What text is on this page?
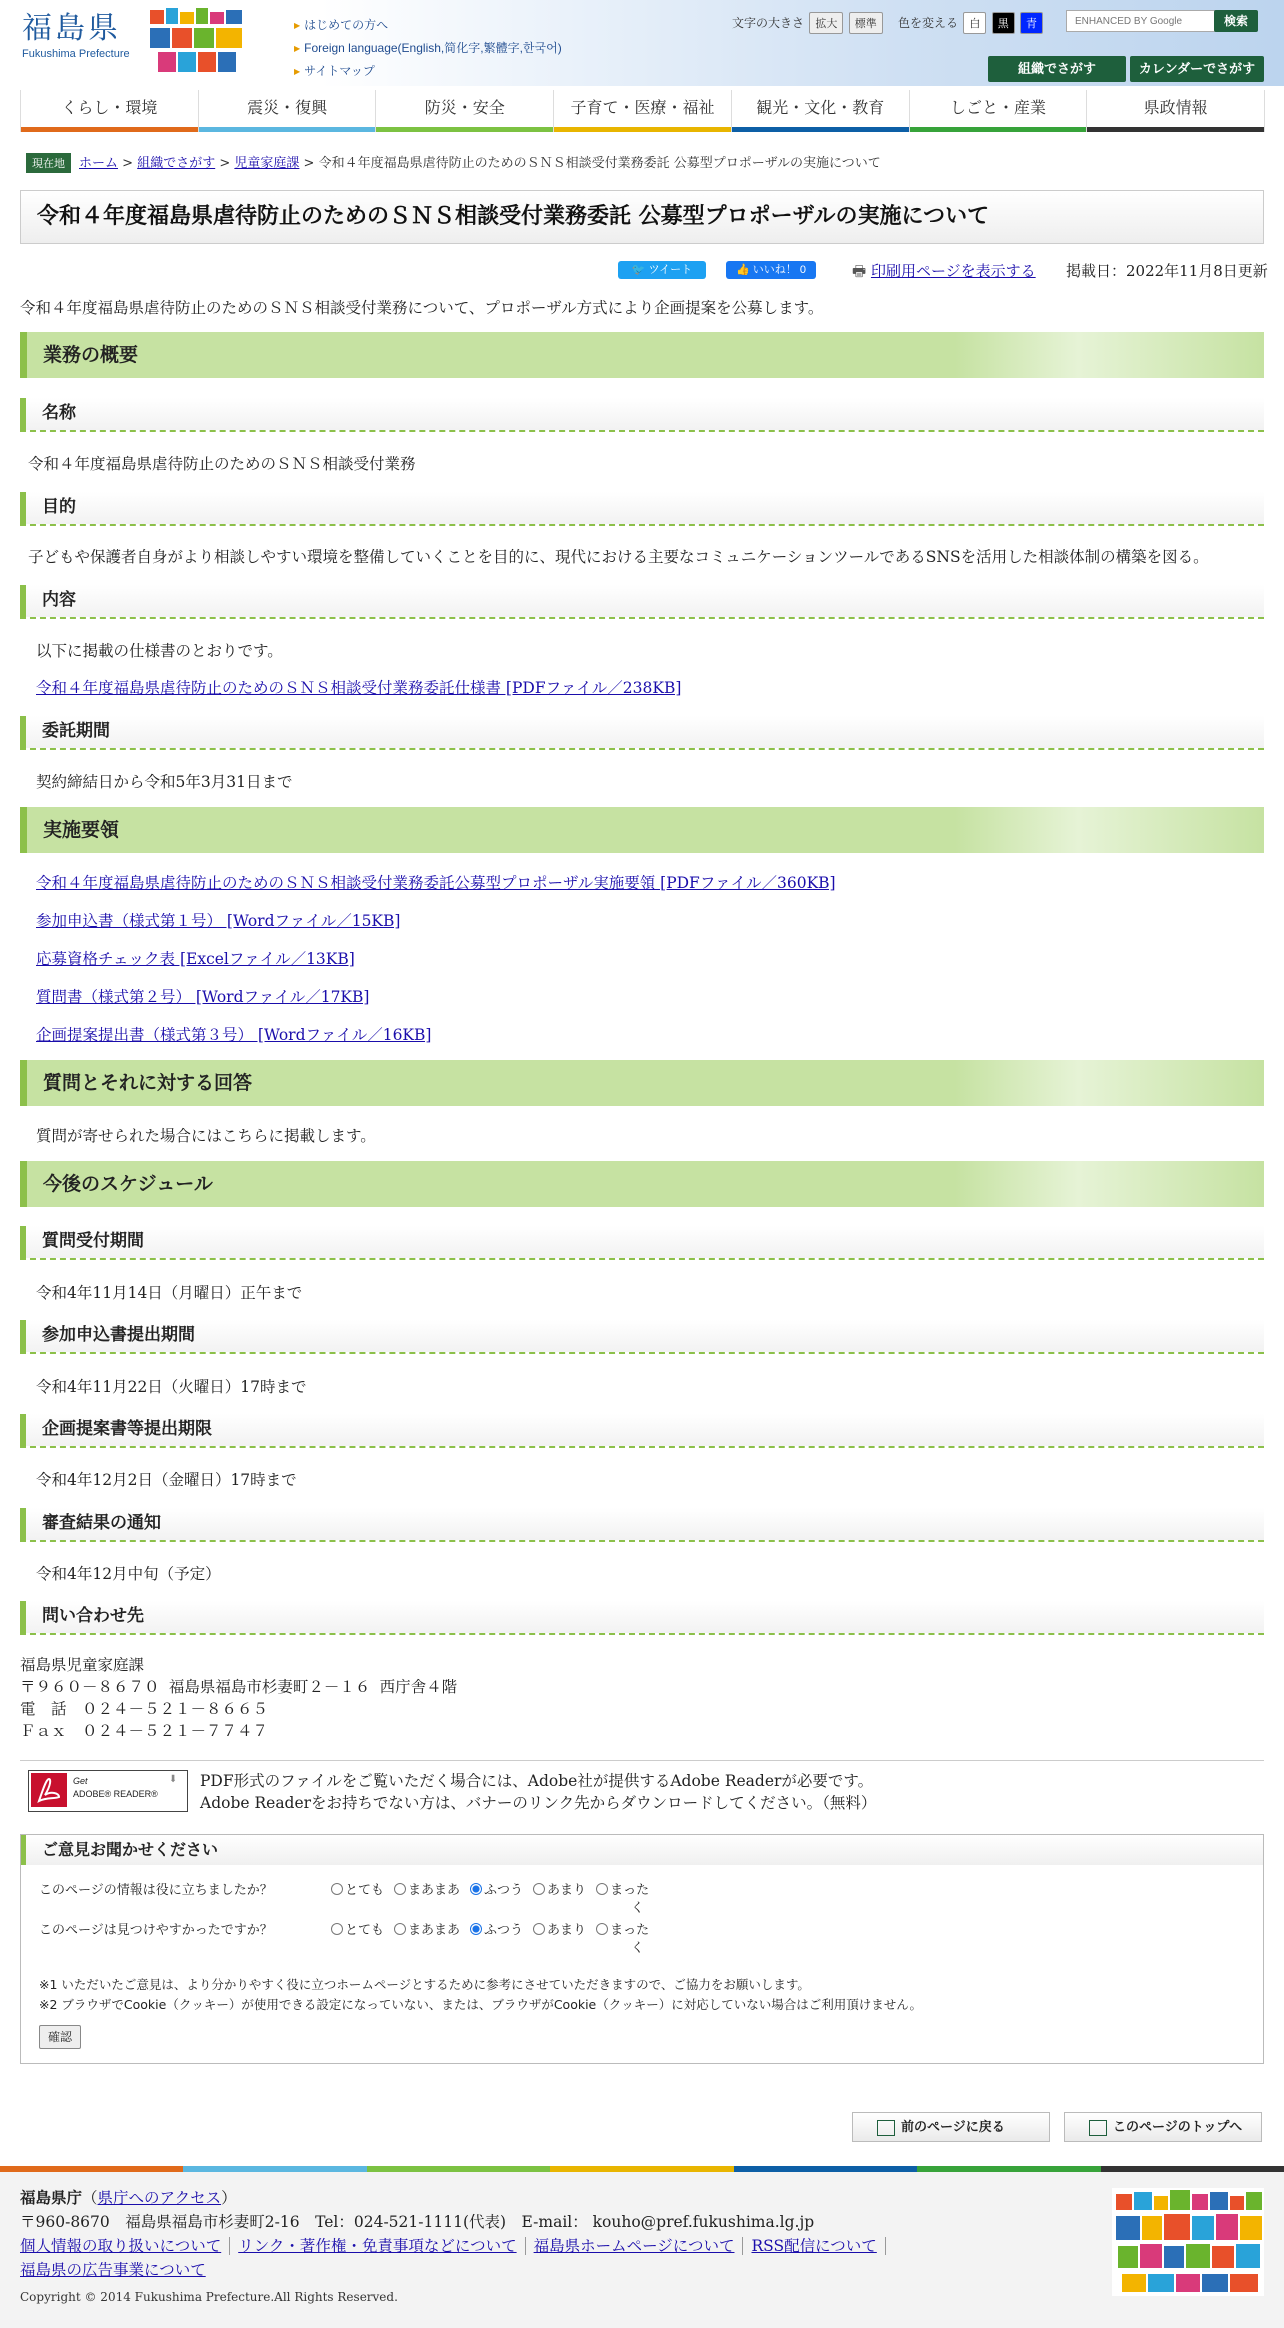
福島県
Fukushima Prefecture
▶ はじめての方へ
▶ Foreign language(English,简化字,繁體字,한국어)
▶ サイトマップ
文字の大きさ 拡大 標準	色を変える 白 黒 青	ENHANCED BY Google	検索
組織でさがす	カレンダーでさがす
くらし・環境	震災・復興	防災・安全	子育て・医療・福祉	観光・文化・教育	しごと・産業	県政情報
現在地 ホーム > 組織でさがす > 児童家庭課 > 令和４年度福島県虐待防止のためのＳＮＳ相談受付業務委託 公募型プロポーザルの実施について
令和４年度福島県虐待防止のためのＳＮＳ相談受付業務委託 公募型プロポーザルの実施について
🐦 ツイート	👍 いいね！ 0	🖶 印刷用ページを表示する 掲載日：2022年11月8日更新
令和４年度福島県虐待防止のためのＳＮＳ相談受付業務について、プロポーザル方式により企画提案を公募します。
業務の概要
名称
令和４年度福島県虐待防止のためのＳＮＳ相談受付業務
目的
子どもや保護者自身がより相談しやすい環境を整備していくことを目的に、現代における主要なコミュニケーションツールであるSNSを活用した相談体制の構築を図る。
内容
以下に掲載の仕様書のとおりです。
令和４年度福島県虐待防止のためのＳＮＳ相談受付業務委託仕様書 [PDFファイル／238KB]
委託期間
契約締結日から令和5年3月31日まで
実施要領
令和４年度福島県虐待防止のためのＳＮＳ相談受付業務委託公募型プロポーザル実施要領 [PDFファイル／360KB]
参加申込書（様式第１号） [Wordファイル／15KB]
応募資格チェック表 [Excelファイル／13KB]
質問書（様式第２号） [Wordファイル／17KB]
企画提案提出書（様式第３号） [Wordファイル／16KB]
質問とそれに対する回答
質問が寄せられた場合にはこちらに掲載します。
今後のスケジュール
質問受付期間
令和4年11月14日（月曜日）正午まで
参加申込書提出期間
令和4年11月22日（火曜日）17時まで
企画提案書等提出期限
令和4年12月2日（金曜日）17時まで
審査結果の通知
令和4年12月中旬（予定）
問い合わせ先
福島県児童家庭課
〒９６０－８６７０ 福島県福島市杉妻町２－１６ 西庁舎４階
電　話　０２４－５２１－８６６５
Ｆａｘ　０２４－５２１－７７４７
Get
ADOBE® READER®
⬇ PDF形式のファイルをご覧いただく場合には、Adobe社が提供するAdobe Readerが必要です。
Adobe Readerをお持ちでない方は、バナーのリンク先からダウンロードしてください。（無料）
ご意見お聞かせください
このページの情報は役に立ちましたか？	とても まあまあ ふつう あまり まった
く
このページは見つけやすかったですか？	とても まあまあ ふつう あまり まった
く
※1 いただいたご意見は、より分かりやすく役に立つホームページとするために参考にさせていただきますので、ご協力をお願いします。
※2 ブラウザでCookie（クッキー）が使用できる設定になっていない、または、ブラウザがCookie（クッキー）に対応していない場合はご利用頂けません。
確認
前のページに戻る	このページのトップへ
福島県庁（県庁へのアクセス）
〒960-8670　福島県福島市杉妻町2-16　Tel：024-521-1111(代表)　E-mail： kouho@pref.fukushima.lg.jp
個人情報の取り扱いについて リンク・著作権・免責事項などについて 福島県ホームページについて RSS配信について
福島県の広告事業について
Copyright © 2014 Fukushima Prefecture.All Rights Reserved.
